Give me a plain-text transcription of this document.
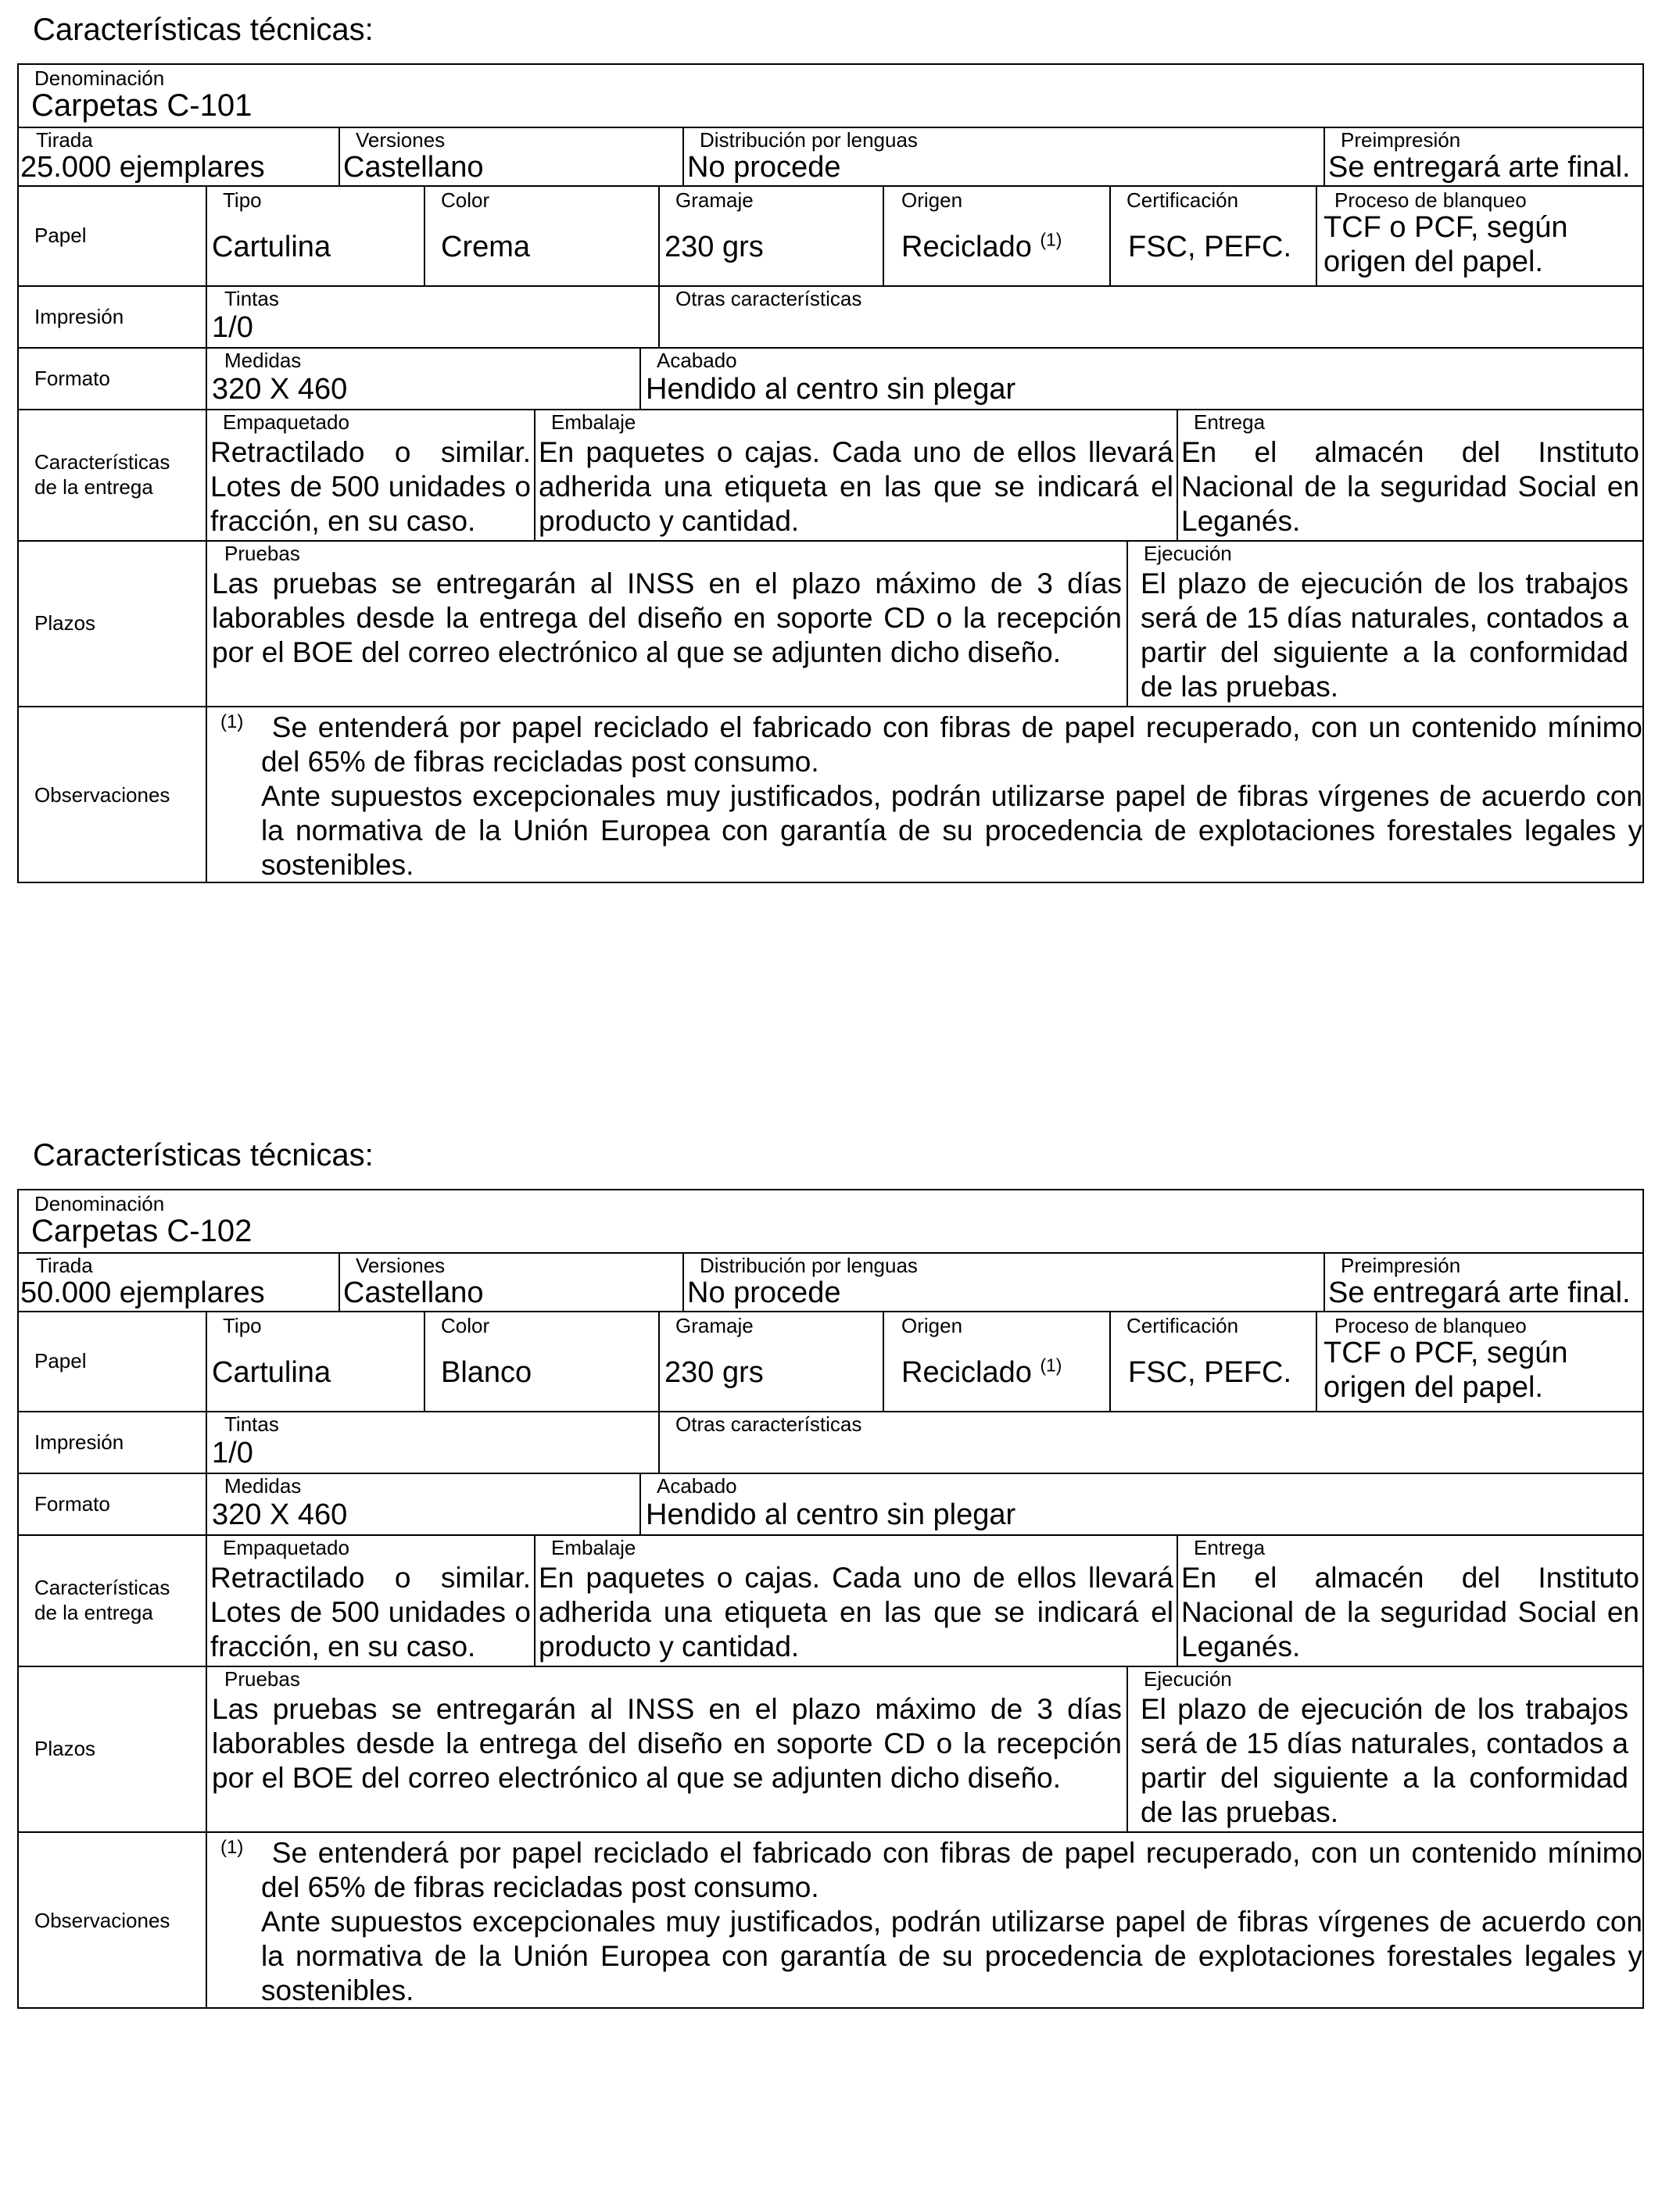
Características técnicas:
Denominación
Carpetas C-101
Tirada
25.000 ejemplares
Versiones
Castellano
Distribución por lenguas
No procede
Preimpresión
Se entregará arte final.
Papel
Tipo
Cartulina
Color
Crema
Gramaje
230 grs
Origen
Reciclado $^{(1)}$
Certificación
FSC, PEFC.
Proceso de blanqueo
TCF o PCF, según
origen del papel.
Impresión
Tintas
1/0
Otras características
Formato
Medidas
320 X 460
Acabado
Hendido al centro sin plegar
Características
de la entrega
Empaquetado
Retractilado o similar. Lotes de 500 unidades o fracción, en su caso.
Embalaje
En paquetes o cajas. Cada uno de ellos llevará adherida una etiqueta en las que se indicará el producto y cantidad.
Entrega
En el almacén del Instituto Nacional de la seguridad Social en Leganés.
Plazos
Pruebas
Las pruebas se entregarán al INSS en el plazo máximo de 3 días laborables desde la entrega del diseño en soporte CD o la recepción por el BOE del correo electrónico al que se adjunten dicho diseño.
Ejecución
El plazo de ejecución de los trabajos será de 15 días naturales, contados a partir del siguiente a la conformidad de las pruebas.
Observaciones
(1) Se entenderá por papel reciclado el fabricado con fibras de papel recuperado, con un contenido mínimo del 65% de fibras recicladas post consumo.
Ante supuestos excepcionales muy justificados, podrán utilizarse papel de fibras vírgenes de acuerdo con la normativa de la Unión Europea con garantía de su procedencia de explotaciones forestales legales y sostenibles.
Características técnicas:
Denominación
Carpetas C-102
Tirada
50.000 ejemplares
Versiones
Castellano
Distribución por lenguas
No procede
Preimpresión
Se entregará arte final.
Papel
Tipo
Cartulina
Color
Blanco
Gramaje
230 grs
Origen
Reciclado $^{(1)}$
Certificación
FSC, PEFC.
Proceso de blanqueo
TCF o PCF, según
origen del papel.
Impresión
Tintas
1/0
Otras características
Formato
Medidas
320 X 460
Acabado
Hendido al centro sin plegar
Características
de la entrega
Empaquetado
Retractilado o similar. Lotes de 500 unidades o fracción, en su caso.
Embalaje
En paquetes o cajas. Cada uno de ellos llevará adherida una etiqueta en las que se indicará el producto y cantidad.
Entrega
En el almacén del Instituto Nacional de la seguridad Social en Leganés.
Plazos
Pruebas
Las pruebas se entregarán al INSS en el plazo máximo de 3 días laborables desde la entrega del diseño en soporte CD o la recepción por el BOE del correo electrónico al que se adjunten dicho diseño.
Ejecución
El plazo de ejecución de los trabajos será de 15 días naturales, contados a partir del siguiente a la conformidad de las pruebas.
Observaciones
(1) Se entenderá por papel reciclado el fabricado con fibras de papel recuperado, con un contenido mínimo del 65% de fibras recicladas post consumo.
Ante supuestos excepcionales muy justificados, podrán utilizarse papel de fibras vírgenes de acuerdo con la normativa de la Unión Europea con garantía de su procedencia de explotaciones forestales legales y sostenibles.
